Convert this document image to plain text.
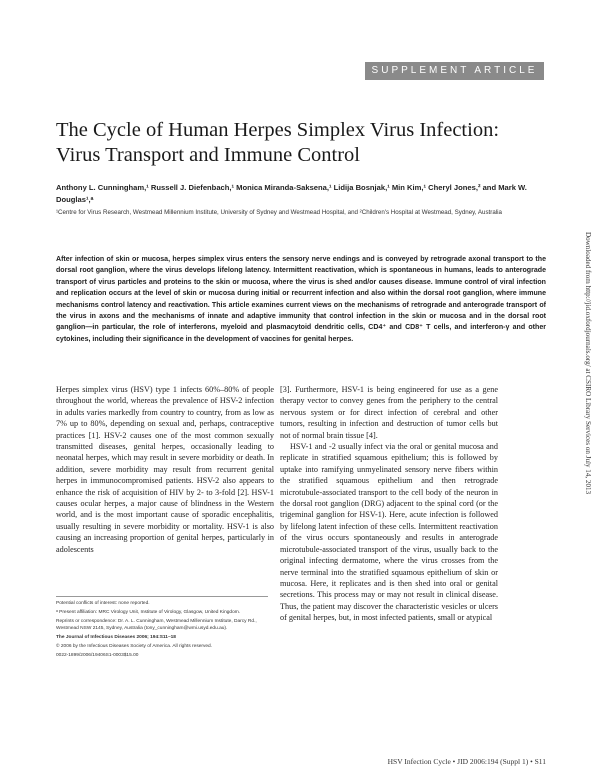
SUPPLEMENT ARTICLE
The Cycle of Human Herpes Simplex Virus Infection: Virus Transport and Immune Control
Anthony L. Cunningham,¹ Russell J. Diefenbach,¹ Monica Miranda-Saksena,¹ Lidija Bosnjak,¹ Min Kim,¹ Cheryl Jones,² and Mark W. Douglas¹,ᵃ
¹Centre for Virus Research, Westmead Millennium Institute, University of Sydney and Westmead Hospital, and ²Children's Hospital at Westmead, Sydney, Australia
After infection of skin or mucosa, herpes simplex virus enters the sensory nerve endings and is conveyed by retrograde axonal transport to the dorsal root ganglion, where the virus develops lifelong latency. Intermittent reactivation, which is spontaneous in humans, leads to anterograde transport of virus particles and proteins to the skin or mucosa, where the virus is shed and/or causes disease. Immune control of viral infection and replication occurs at the level of skin or mucosa during initial or recurrent infection and also within the dorsal root ganglion, where immune mechanisms control latency and reactivation. This article examines current views on the mechanisms of retrograde and anterograde transport of the virus in axons and the mechanisms of innate and adaptive immunity that control infection in the skin or mucosa and in the dorsal root ganglion—in particular, the role of interferons, myeloid and plasmacytoid dendritic cells, CD4⁺ and CD8⁺ T cells, and interferon-γ and other cytokines, including their significance in the development of vaccines for genital herpes.

Herpes simplex virus (HSV) type 1 infects 60%–80% of people throughout the world, whereas the prevalence of HSV-2 infection in adults varies markedly from country to country, from as low as 7% up to 80%, depending on sexual and, perhaps, contraceptive practices [1]. HSV-2 causes one of the most common sexually transmitted diseases, genital herpes, occasionally leading to neonatal herpes, which may result in severe morbidity or death. In addition, severe morbidity may result from recurrent genital herpes in immunocompromised patients. HSV-2 also appears to enhance the risk of acquisition of HIV by 2- to 3-fold [2]. HSV-1 causes ocular herpes, a major cause of blindness in the Western world, and is the most important cause of sporadic encephalitis, usually resulting in severe morbidity or mortality. HSV-1 is also causing an increasing proportion of genital herpes, particularly in adolescents

[3]. Furthermore, HSV-1 is being engineered for use as a gene therapy vector to convey genes from the periphery to the central nervous system or for direct infection of cerebral and other tumors, resulting in infection and destruction of tumor cells but not of normal brain tissue [4].

HSV-1 and -2 usually infect via the oral or genital mucosa and replicate in stratified squamous epithelium; this is followed by uptake into ramifying unmyelinated sensory nerve fibers within the stratified squamous epithelium and then retrograde microtubule-associated transport to the cell body of the neuron in the dorsal root ganglion (DRG) adjacent to the spinal cord (or the trigeminal ganglion for HSV-1). Here, acute infection is followed by lifelong latent infection of these cells. Intermittent reactivation of the virus occurs spontaneously and results in anterograde microtubule-associated transport of the virus, usually back to the original infecting dermatome, where the virus crosses from the nerve terminal into the stratified squamous epithelium of skin or mucosa. Here, it replicates and is then shed into oral or genital secretions. This process may or may not result in clinical disease. Thus, the patient may discover the characteristic vesicles or ulcers of genital herpes, but, in most infected patients, small or atypical

Potential conflicts of interest: none reported.

ᵃ Present affiliation: MRC Virology Unit, Institute of Virology, Glasgow, United Kingdom.

Reprints or correspondence: Dr. A. L. Cunningham, Westmead Millennium Institute, Darcy Rd., Westmead NSW 2145, Sydney, Australia (tony_cunningham@wmi.usyd.edu.au).

The Journal of Infectious Diseases 2006; 194:S11–18

© 2006 by the Infectious Diseases Society of America. All rights reserved.

0022-1899/2006/19406S1-0003$15.00

Downloaded from http://jid.oxfordjournals.org/ at CSIRO Library Services on July 14, 2013
HSV Infection Cycle • JID 2006:194 (Suppl 1) • S11
